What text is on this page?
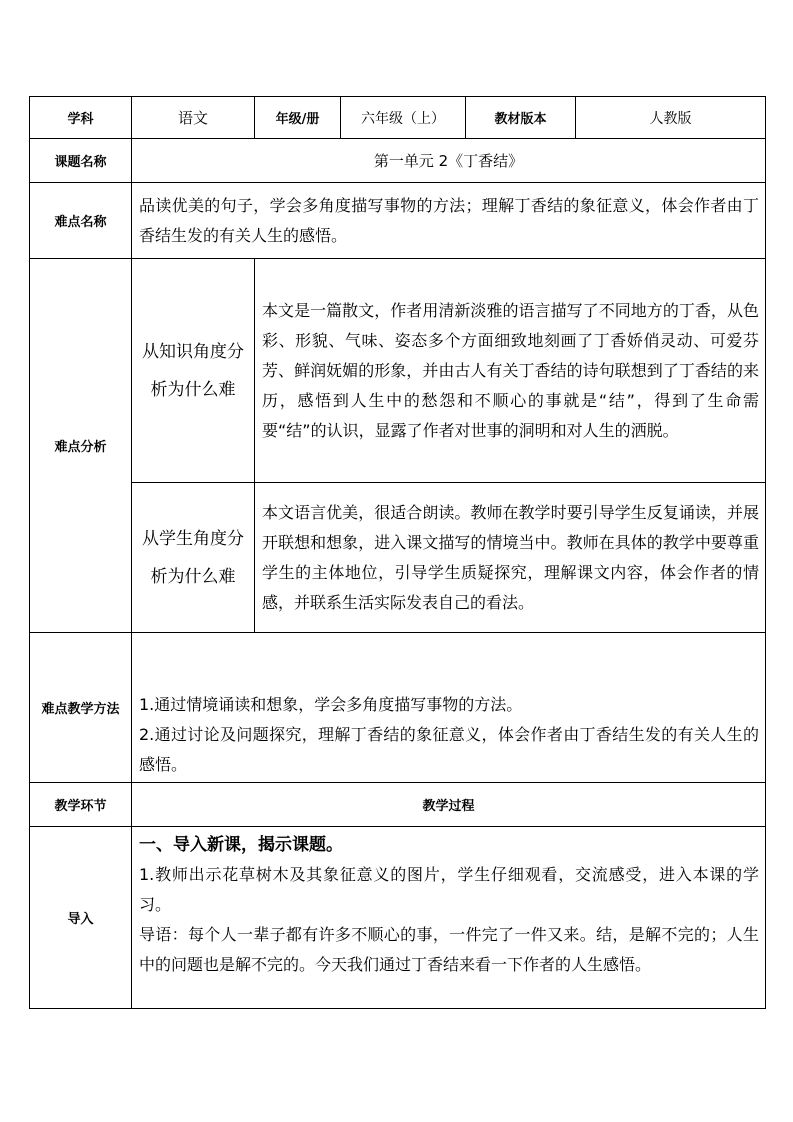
学科	语文	年级/册	六年级（上）	教材版本	人教版
课题名称	第一单元 2《丁香结》				
难点名称	品读优美的句子，学会多角度描写事物的方法；理解丁香结的象征意义，体会作者由丁香结生发的有关人生的感悟。				
难点分析	从知识角度分析为什么难	本文是一篇散文，作者用清新淡雅的语言描写了不同地方的丁香，从色彩、形貌、气味、姿态多个方面细致地刻画了丁香娇俏灵动、可爱芬芳、鲜润妩媚的形象，并由古人有关丁香结的诗句联想到了丁香结的来历，感悟到人生中的愁怨和不顺心的事就是“结”，得到了生命需要“结”的认识，显露了作者对世事的洞明和对人生的洒脱。			
	从学生角度分析为什么难	本文语言优美，很适合朗读。教师在教学时要引导学生反复诵读，并展开联想和想象，进入课文描写的情境当中。教师在具体的教学中要尊重学生的主体地位，引导学生质疑探究，理解课文内容，体会作者的情感，并联系生活实际发表自己的看法。			
难点教学方法	1.通过情境诵读和想象，学会多角度描写事物的方法。

2.通过讨论及问题探究，理解丁香结的象征意义，体会作者由丁香结生发的有关人生的感悟。				

教学环节	教学过程				
导入	一、导入新课，揭示课题。

1.教师出示花草树木及其象征意义的图片，学生仔细观看，交流感受，进入本课的学习。

导语：每个人一辈子都有许多不顺心的事，一件完了一件又来。结，是解不完的；人生中的问题也是解不完的。今天我们通过丁香结来看一下作者的人生感悟。				
